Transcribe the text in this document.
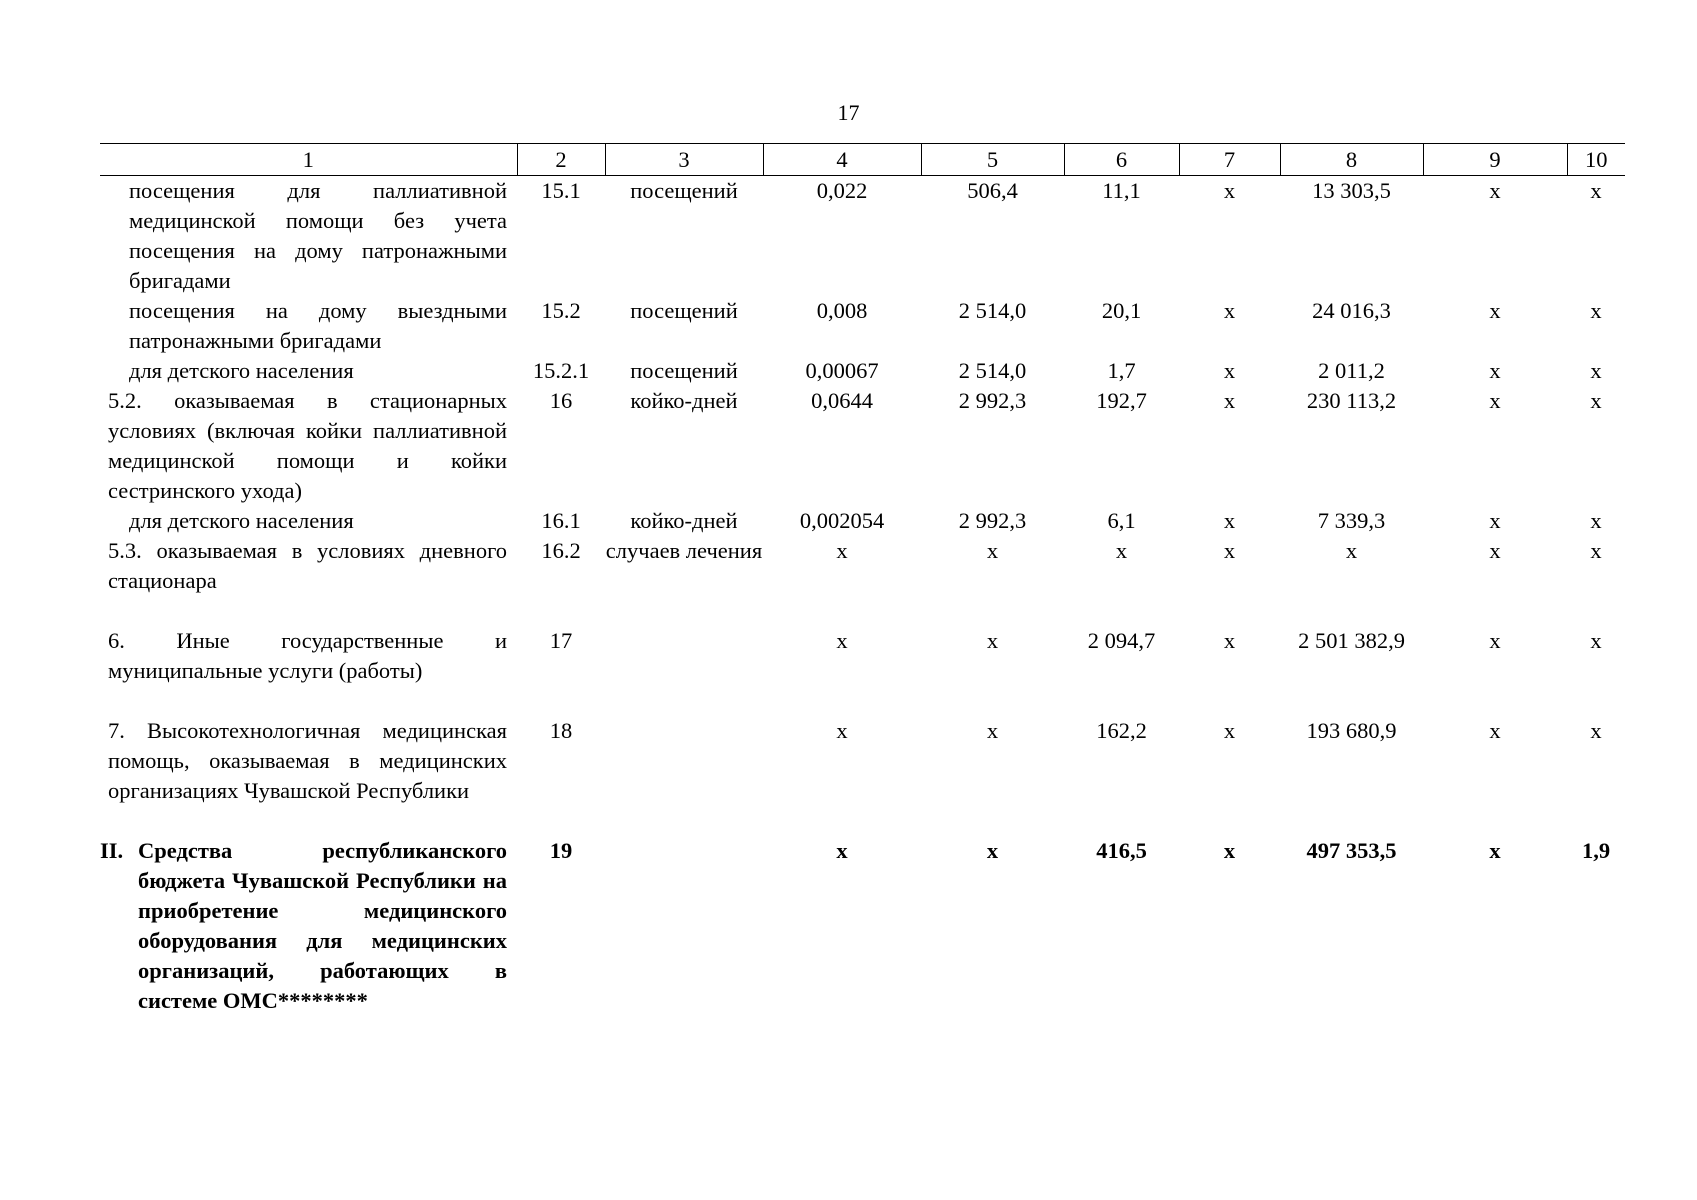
17
1	2	3	4	5	6	7	8	9	10
посещения для паллиативной медицинской помощи без учета посещения на дому патронажными бригадами	15.1	посещений	0,022	506,4	11,1	х	13 303,5	х	х
посещения на дому выездными патронажными бригадами	15.2	посещений	0,008	2 514,0	20,1	х	24 016,3	х	х
для детского населения	15.2.1	посещений	0,00067	2 514,0	1,7	х	2 011,2	х	х
5.2. оказываемая в стационарных условиях (включая койки паллиативной медицинской помощи и койки сестринского ухода)	16	койко-дней	0,0644	2 992,3	192,7	х	230 113,2	х	х
для детского населения	16.1	койко-дней	0,002054	2 992,3	6,1	х	7 339,3	х	х
5.3. оказываемая в условиях дневного стационара	16.2	случаев лечения	х	х	х	х	х	х	х
6. Иные государственные и муниципальные услуги (работы)	17		х	х	2 094,7	х	2 501 382,9	х	х
7. Высокотехнологичная медицинская помощь, оказываемая в медицинских организациях Чувашской Республики	18		х	х	162,2	х	193 680,9	х	х

II. Средства республиканского бюджета Чувашской Республики на приобретение медицинского оборудования для медицинских организаций, работающих в системе ОМС********	19		х	х	416,5	х	497 353,5	х	1,9
